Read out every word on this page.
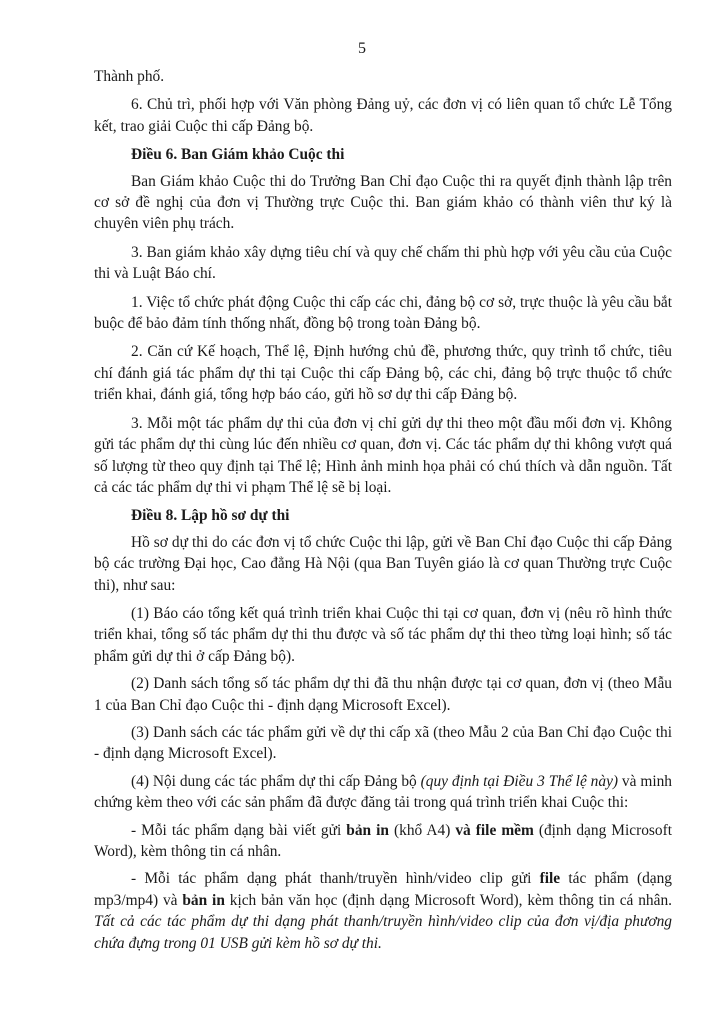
5

Thành phố.

6. Chủ trì, phối hợp với Văn phòng Đảng uỷ, các đơn vị có liên quan tổ chức Lễ Tổng kết, trao giải Cuộc thi cấp Đảng bộ.

Điều 6. Ban Giám khảo Cuộc thi

Ban Giám khảo Cuộc thi do Trưởng Ban Chỉ đạo Cuộc thi ra quyết định thành lập trên cơ sở đề nghị của đơn vị Thường trực Cuộc thi. Ban giám khảo có thành viên thư ký là chuyên viên phụ trách.

3. Ban giám khảo xây dựng tiêu chí và quy chế chấm thi phù hợp với yêu cầu của Cuộc thi và Luật Báo chí.

1. Việc tổ chức phát động Cuộc thi cấp các chi, đảng bộ cơ sở, trực thuộc là yêu cầu bắt buộc để bảo đảm tính thống nhất, đồng bộ trong toàn Đảng bộ.

2. Căn cứ Kế hoạch, Thể lệ, Định hướng chủ đề, phương thức, quy trình tổ chức, tiêu chí đánh giá tác phẩm dự thi tại Cuộc thi cấp Đảng bộ, các chi, đảng bộ trực thuộc tổ chức triển khai, đánh giá, tổng hợp báo cáo, gửi hồ sơ dự thi cấp Đảng bộ.

3. Mỗi một tác phẩm dự thi của đơn vị chỉ gửi dự thi theo một đầu mối đơn vị. Không gửi tác phẩm dự thi cùng lúc đến nhiều cơ quan, đơn vị. Các tác phẩm dự thi không vượt quá số lượng từ theo quy định tại Thể lệ; Hình ảnh minh họa phải có chú thích và dẫn nguồn. Tất cả các tác phẩm dự thi vi phạm Thể lệ sẽ bị loại.

Điều 8. Lập hồ sơ dự thi

Hồ sơ dự thi do các đơn vị tổ chức Cuộc thi lập, gửi về Ban Chỉ đạo Cuộc thi cấp Đảng bộ các trường Đại học, Cao đẳng Hà Nội (qua Ban Tuyên giáo là cơ quan Thường trực Cuộc thi), như sau:

(1) Báo cáo tổng kết quá trình triển khai Cuộc thi tại cơ quan, đơn vị (nêu rõ hình thức triển khai, tổng số tác phẩm dự thi thu được và số tác phẩm dự thi theo từng loại hình; số tác phẩm gửi dự thi ở cấp Đảng bộ).

(2) Danh sách tổng số tác phẩm dự thi đã thu nhận được tại cơ quan, đơn vị (theo Mẫu 1 của Ban Chỉ đạo Cuộc thi - định dạng Microsoft Excel).

(3) Danh sách các tác phẩm gửi về dự thi cấp xã (theo Mẫu 2 của Ban Chỉ đạo Cuộc thi - định dạng Microsoft Excel).

(4) Nội dung các tác phẩm dự thi cấp Đảng bộ (quy định tại Điều 3 Thể lệ này) và minh chứng kèm theo với các sản phẩm đã được đăng tải trong quá trình triển khai Cuộc thi:

- Mỗi tác phẩm dạng bài viết gửi bản in (khổ A4) và file mềm (định dạng Microsoft Word), kèm thông tin cá nhân.

- Mỗi tác phẩm dạng phát thanh/truyền hình/video clip gửi file tác phẩm (dạng mp3/mp4) và bản in kịch bản văn học (định dạng Microsoft Word), kèm thông tin cá nhân. Tất cả các tác phẩm dự thi dạng phát thanh/truyền hình/video clip của đơn vị/địa phương chứa đựng trong 01 USB gửi kèm hồ sơ dự thi.
